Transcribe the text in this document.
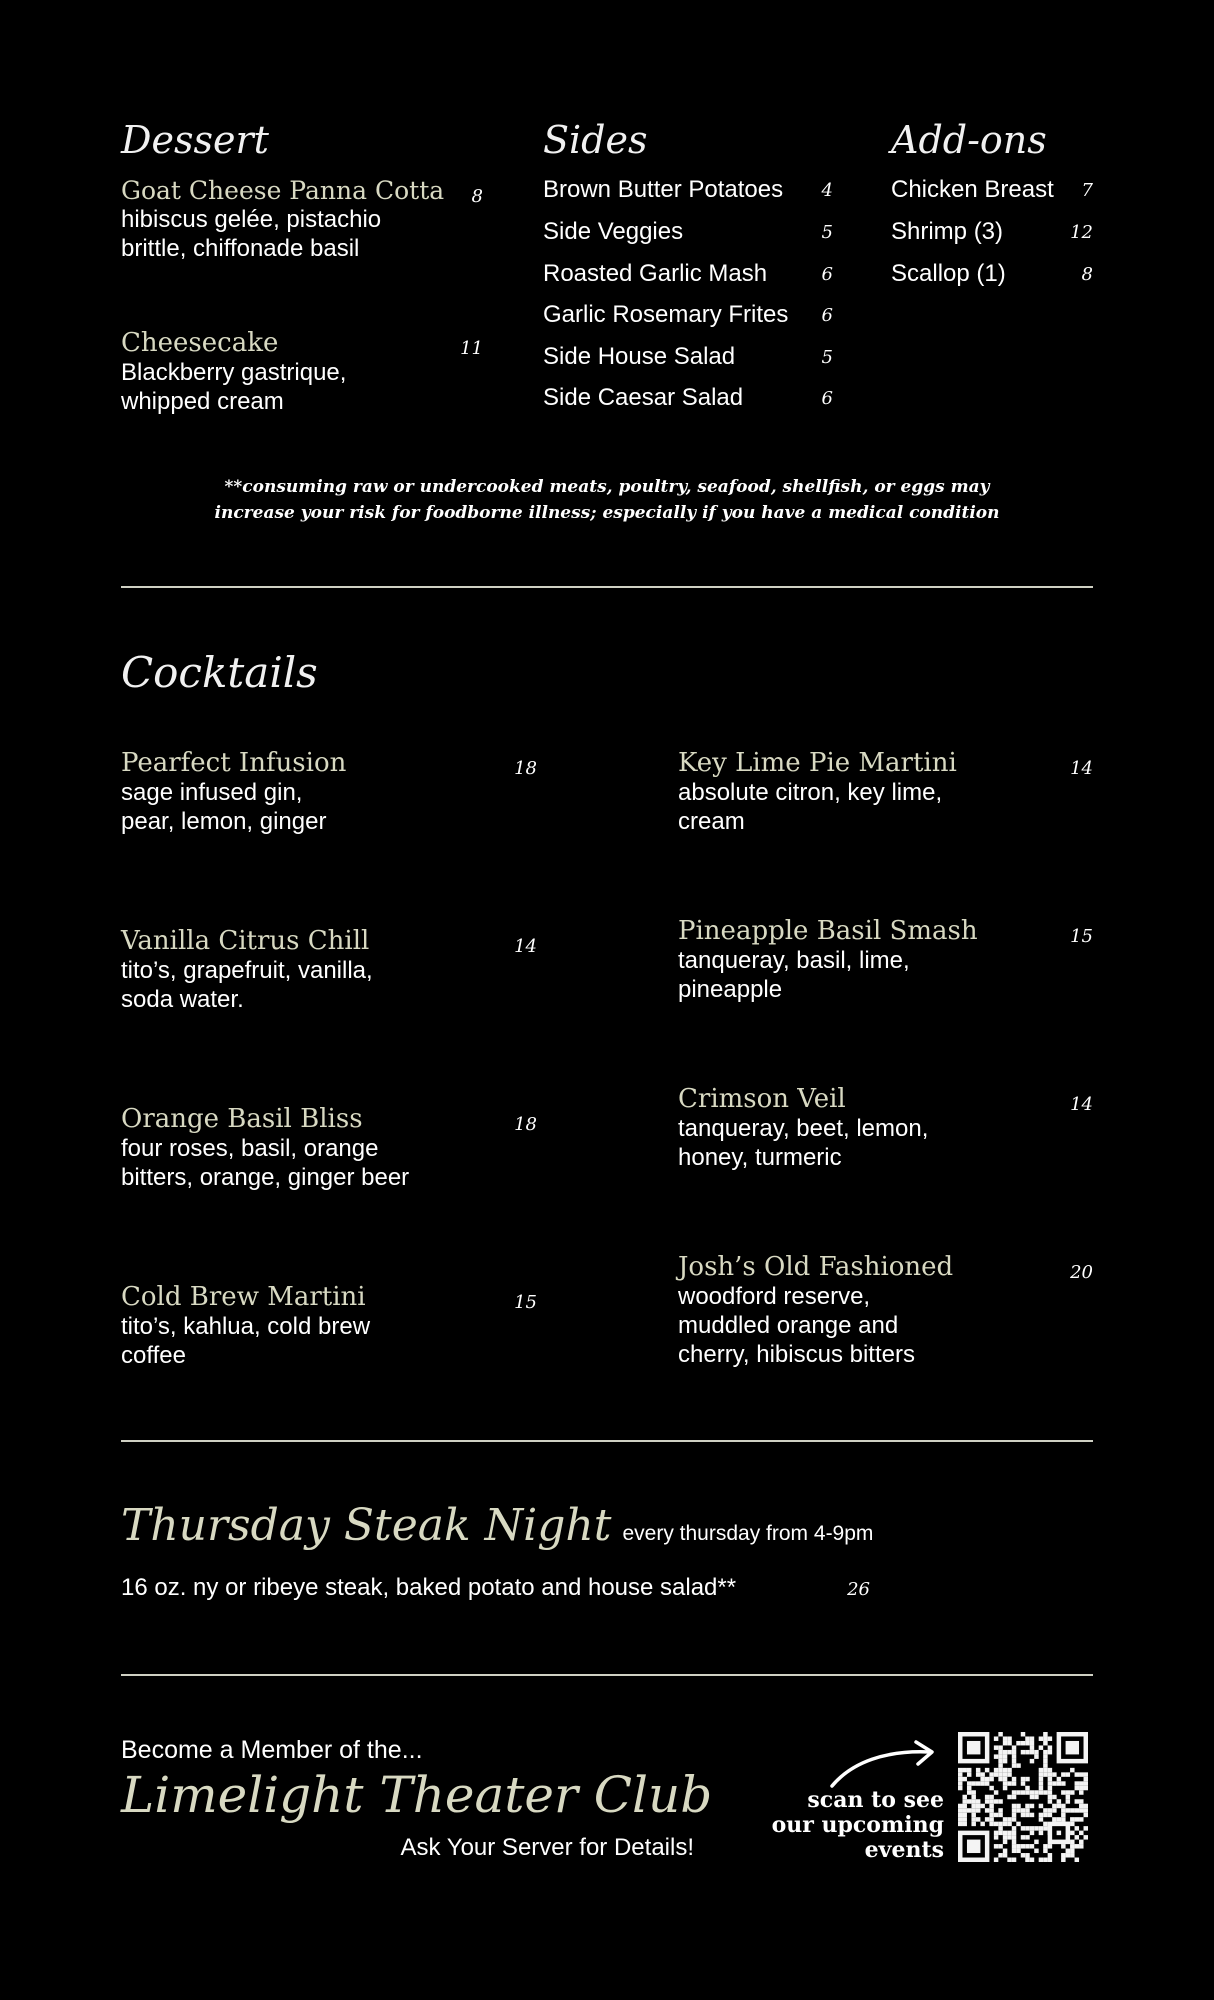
Dessert
Goat Cheese Panna Cotta	8
hibiscus gelée, pistachio
brittle, chiffonade basil
Cheesecake	11
Blackberry gastrique,
whipped cream
Sides
Brown Butter Potatoes 4
Side Veggies	5
Roasted Garlic Mash	6
Garlic Rosemary Frites 6
Side House Salad	5
Side Caesar Salad	6
Add-ons
Chicken Breast 7
Shrimp (3)	12
Scallop (1)	8
**consuming raw or undercooked meats, poultry, seafood, shellfish, or eggs may
increase your risk for foodborne illness; especially if you have a medical condition
Cocktails
Pearfect Infusion	18
sage infused gin,
pear, lemon, ginger
Vanilla Citrus Chill	14
tito’s, grapefruit, vanilla,
soda water.
Orange Basil Bliss	18
four roses, basil, orange
bitters, orange, ginger beer
Cold Brew Martini	15
tito’s, kahlua, cold brew
coffee
Key Lime Pie Martini	14
absolute citron, key lime,
cream
Pineapple Basil Smash	15
tanqueray, basil, lime,
pineapple
Crimson Veil	14
tanqueray, beet, lemon,
honey, turmeric
Josh’s Old Fashioned	20
woodford reserve,
muddled orange and
cherry, hibiscus bitters
Thursday Steak Night every thursday from 4-9pm
16 oz. ny or ribeye steak, baked potato and house salad**	26
Become a Member of the...
Limelight Theater Club
Ask Your Server for Details!
scan to see
our upcoming
events
